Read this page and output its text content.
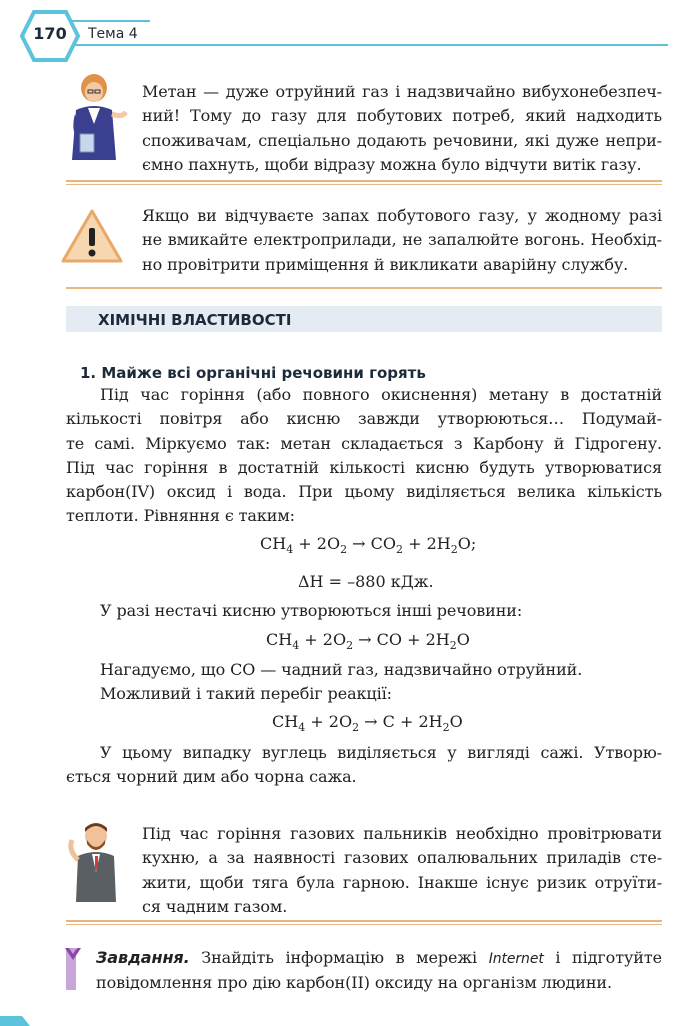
170	Тема 4
Метан — дуже отруйний газ і надзвичайно вибухонебезпеч-
ний! Тому до газу для побутових потреб, який надходить
споживачам, спеціально додають речовини, які дуже непри-
ємно пахнуть, щоби відразу можна було відчути витік газу.
Якщо ви відчуваєте запах побутового газу, у жодному разі
не вмикайте електроприлади, не запалюйте вогонь. Необхід-
но провітрити приміщення й викликати аварійну службу.
ХІМІЧНІ ВЛАСТИВОСТІ
1. Майже всі органічні речовини горять
Під час горіння (або повного окиснення) метану в достатній
кількості повітря або кисню завжди утворюються… Подумай-
те самі. Міркуємо так: метан складається з Карбону й Гідрогену.
Під час горіння в достатній кількості кисню будуть утворюватися
карбон(IV) оксид і вода. При цьому виділяється велика кількість
теплоти. Рівняння є таким:
$CH_4 + 2O_2 \to CO_2 + 2H_2O$;
ΔH = –880 кДж.
У разі нестачі кисню утворюються інші речовини:
$CH_4 + 2O_2$ → CO + $2H_2O$
Нагадуємо, що CO — чадний газ, надзвичайно отруйний.
Можливий і такий перебіг реакції:
$CH_4 + 2O_2 \to C + 2H_2O$
У цьому випадку вуглець виділяється у вигляді сажі. Утворю-
ється чорний дим або чорна сажа.
Під час горіння газових пальників необхідно провітрювати
кухню, а за наявності газових опалювальних приладів сте-
жити, щоби тяга була гарною. Інакше існує ризик отруїти-
ся чадним газом.
Завдання. Знайдіть інформацію в мережі Internet і підготуйте
повідомлення про дію карбон(II) оксиду на організм людини.
